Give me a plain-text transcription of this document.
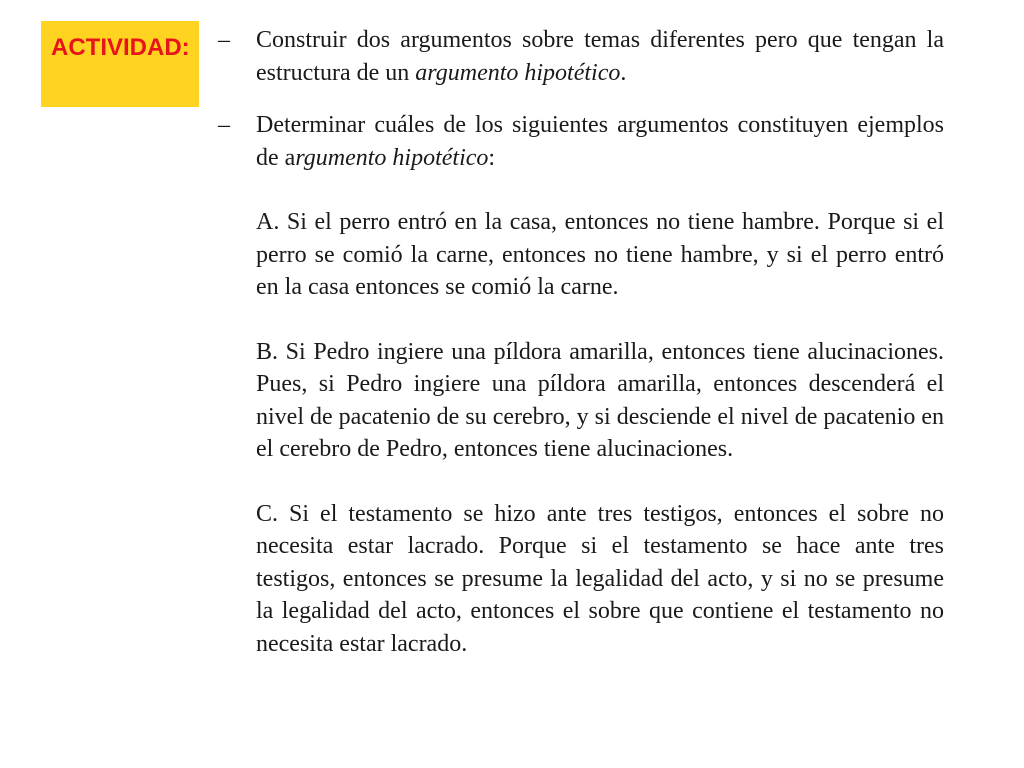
ACTIVIDAD:	–	Construir dos argumentos sobre temas diferentes pero que tengan la estructura de un argumento hipotético.
–	Determinar cuáles de los siguientes argumentos constituyen ejemplos de argumento hipotético:

A. Si el perro entró en la casa, entonces no tiene hambre. Porque si el perro se comió la carne, entonces no tiene hambre, y si el perro entró en la casa entonces se comió la carne.

B. Si Pedro ingiere una píldora amarilla, entonces tiene alucinaciones. Pues, si Pedro ingiere una píldora amarilla, entonces descenderá el nivel de pacatenio de su cerebro, y si desciende el nivel de pacatenio en el cerebro de Pedro, entonces tiene alucinaciones.

C. Si el testamento se hizo ante tres testigos, entonces el sobre no necesita estar lacrado. Porque si el testamento se hace ante tres testigos, entonces se presume la legalidad del acto, y si no se presume la legalidad del acto, entonces el sobre que contiene el testamento no necesita estar lacrado.
